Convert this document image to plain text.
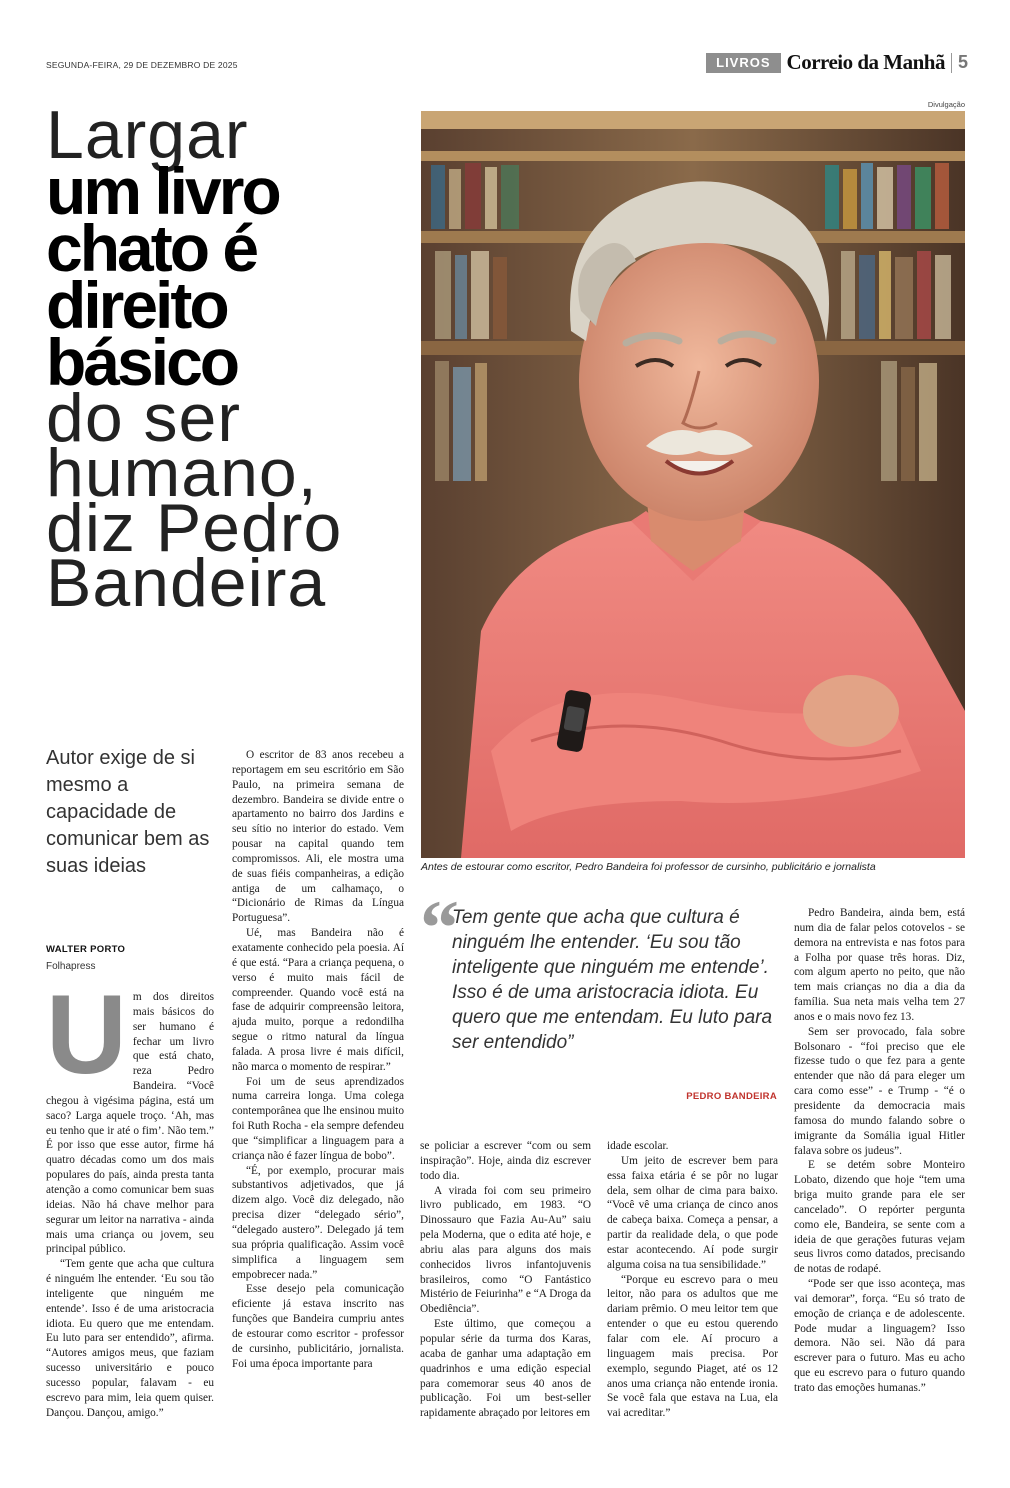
SEGUNDA-FEIRA, 29 DE DEZEMBRO DE 2025	LIVROS Correio da Manhã 5
Largar
um livro
chato é
direito
básico
do ser
humano,
diz Pedro
Bandeira
Divulgação
Antes de estourar como escritor, Pedro Bandeira foi professor de cursinho, publicitário e jornalista
Autor exige de si mesmo a capacidade de comunicar bem as suas ideias
WALTER PORTO
Folhapress
U m dos direitos mais básicos do ser humano é fechar um livro que está chato, reza Pedro Bandeira. “Você chegou à vigésima página, está um saco? Larga aquele troço. ‘Ah, mas eu tenho que ir até o fim’. Não tem.” É por isso que esse autor, firme há quatro décadas como um dos mais populares do país, ainda presta tanta atenção a como comunicar bem suas ideias. Não há chave melhor para segurar um leitor na narrativa - ainda mais uma criança ou jovem, seu principal público.

“Tem gente que acha que cultura é ninguém lhe entender. ‘Eu sou tão inteligente que ninguém me entende’. Isso é de uma aristocracia idiota. Eu quero que me entendam. Eu luto para ser entendido”, afirma. “Autores amigos meus, que faziam sucesso universitário e pouco sucesso popular, falavam - eu escrevo para mim, leia quem quiser. Dançou. Dançou, amigo.”

O escritor de 83 anos recebeu a reportagem em seu escritório em São Paulo, na primeira semana de dezembro. Bandeira se divide entre o apartamento no bairro dos Jardins e seu sítio no interior do estado. Vem pousar na capital quando tem compromissos. Ali, ele mostra uma de suas fiéis companheiras, a edição antiga de um calhamaço, o “Dicionário de Rimas da Língua Portuguesa”.

Ué, mas Bandeira não é exatamente conhecido pela poesia. Aí é que está. “Para a criança pequena, o verso é muito mais fácil de compreender. Quando você está na fase de adquirir compreensão leitora, ajuda muito, porque a redondilha segue o ritmo natural da língua falada. A prosa livre é mais difícil, não marca o momento de respirar.”

Foi um de seus aprendizados numa carreira longa. Uma colega contemporânea que lhe ensinou muito foi Ruth Rocha - ela sempre defendeu que “simplificar a linguagem para a criança não é fazer língua de bobo”.

“É, por exemplo, procurar mais substantivos adjetivados, que já dizem algo. Você diz delegado, não precisa dizer “delegado sério”, “delegado austero”. Delegado já tem sua própria qualificação. Assim você simplifica a linguagem sem empobrecer nada.”

Esse desejo pela comunicação eficiente já estava inscrito nas funções que Bandeira cumpriu antes de estourar como escritor - professor de cursinho, publicitário, jornalista. Foi uma época importante para

“
Tem gente que acha que cultura é ninguém lhe entender. ‘Eu sou tão inteligente que ninguém me entende’. Isso é de uma aristocracia idiota. Eu quero que me entendam. Eu luto para ser entendido”
PEDRO BANDEIRA

se policiar a escrever “com ou sem inspiração”. Hoje, ainda diz escrever todo dia.

A virada foi com seu primeiro livro publicado, em 1983. “O Dinossauro que Fazia Au-Au” saiu pela Moderna, que o edita até hoje, e abriu alas para alguns dos mais conhecidos livros infantojuvenis brasileiros, como “O Fantástico Mistério de Feiurinha” e “A Droga da Obediência”.

Este último, que começou a popular série da turma dos Karas, acaba de ganhar uma adaptação em quadrinhos e uma edição especial para comemorar seus 40 anos de publicação. Foi um best-seller rapidamente abraçado por leitores em

idade escolar.

Um jeito de escrever bem para essa faixa etária é se pôr no lugar dela, sem olhar de cima para baixo. “Você vê uma criança de cinco anos de cabeça baixa. Começa a pensar, a partir da realidade dela, o que pode estar acontecendo. Aí pode surgir alguma coisa na tua sensibilidade.”

“Porque eu escrevo para o meu leitor, não para os adultos que me dariam prêmio. O meu leitor tem que entender o que eu estou querendo falar com ele. Aí procuro a linguagem mais precisa. Por exemplo, segundo Piaget, até os 12 anos uma criança não entende ironia. Se você fala que estava na Lua, ela vai acreditar.”

Pedro Bandeira, ainda bem, está num dia de falar pelos cotovelos - se demora na entrevista e nas fotos para a Folha por quase três horas. Diz, com algum aperto no peito, que não tem mais crianças no dia a dia da família. Sua neta mais velha tem 27 anos e o mais novo fez 13.

Sem ser provocado, fala sobre Bolsonaro - “foi preciso que ele fizesse tudo o que fez para a gente entender que não dá para eleger um cara como esse” - e Trump - “é o presidente da democracia mais famosa do mundo falando sobre o imigrante da Somália igual Hitler falava sobre os judeus”.

E se detém sobre Monteiro Lobato, dizendo que hoje “tem uma briga muito grande para ele ser cancelado”. O repórter pergunta como ele, Bandeira, se sente com a ideia de que gerações futuras vejam seus livros como datados, precisando de notas de rodapé.

“Pode ser que isso aconteça, mas vai demorar”, força. “Eu só trato de emoção de criança e de adolescente. Pode mudar a linguagem? Isso demora. Não sei. Não dá para escrever para o futuro. Mas eu acho que eu escrevo para o futuro quando trato das emoções humanas.”
